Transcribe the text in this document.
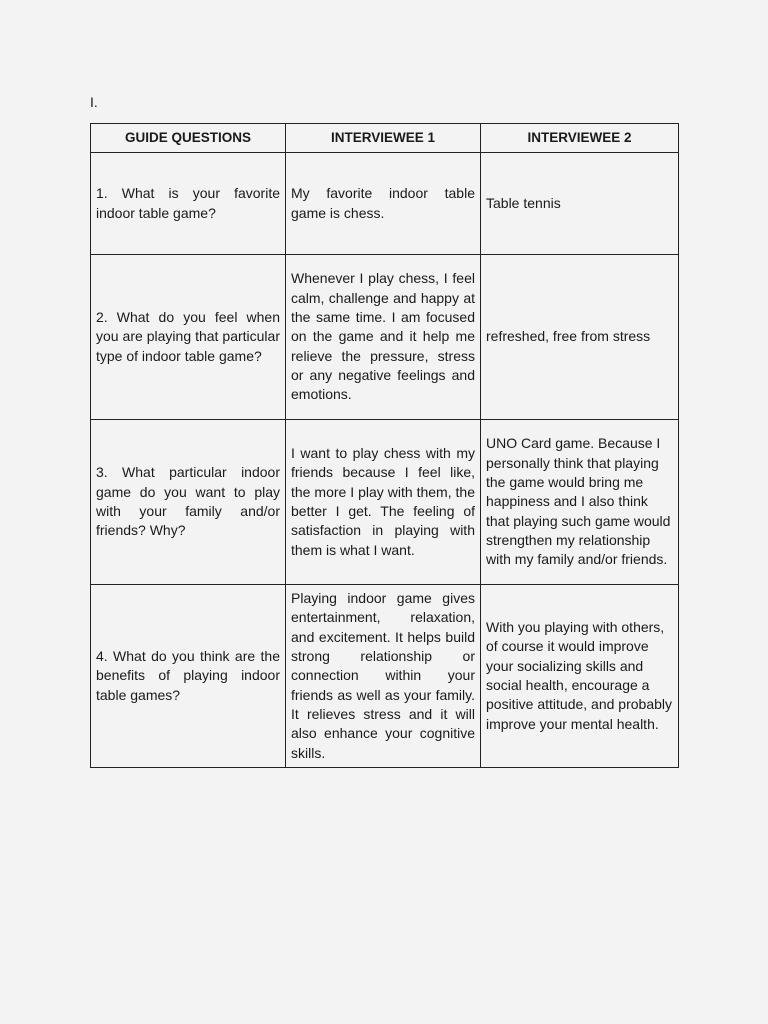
I.
GUIDE QUESTIONS	INTERVIEWEE 1	INTERVIEWEE 2
1. What is your favorite indoor table game?	My favorite indoor table game is chess.	Table tennis
2. What do you feel when you are playing that particular type of indoor table game?	Whenever I play chess, I feel calm, challenge and happy at the same time. I am focused on the game and it help me relieve the pressure, stress or any negative feelings and emotions.	refreshed, free from stress
3. What particular indoor game do you want to play with your family and/or friends? Why?	I want to play chess with my friends because I feel like, the more I play with them, the better I get. The feeling of satisfaction in playing with them is what I want.	UNO Card game. Because I personally think that playing the game would bring me happiness and I also think that playing such game would strengthen my relationship with my family and/or friends.
4. What do you think are the benefits of playing indoor table games?	Playing indoor game gives entertainment, relaxation, and excitement. It helps build strong relationship or connection within your friends as well as your family. It relieves stress and it will also enhance your cognitive skills.	With you playing with others, of course it would improve your socializing skills and social health, encourage a positive attitude, and probably improve your mental health.
